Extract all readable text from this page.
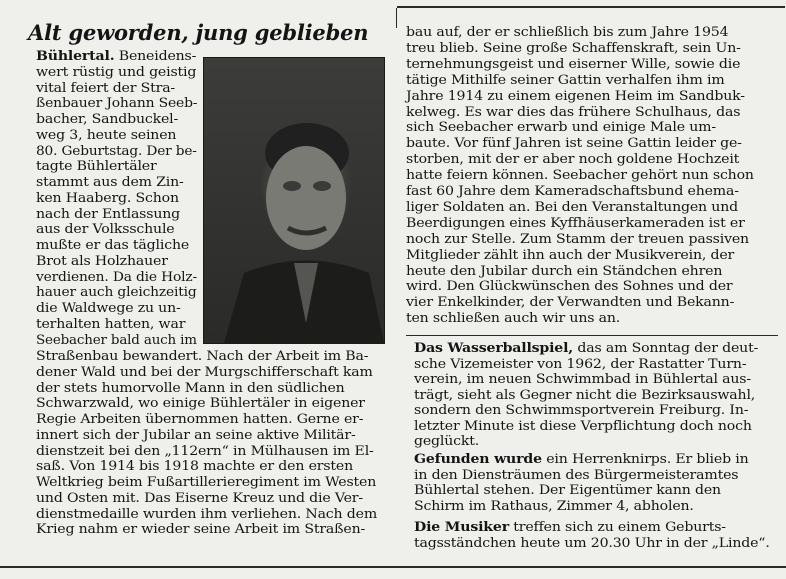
Alt geworden, jung geblieben
Bühlertal. Beneidens-
wert rüstig und geistig
vital feiert der Stra-
ßenbauer Johann Seeb-
bacher, Sandbuckel-
weg 3, heute seinen
80. Geburtstag. Der be-
tagte Bühlertäler
stammt aus dem Zin-
ken Haaberg. Schon
nach der Entlassung
aus der Volksschule
mußte er das tägliche
Brot als Holzhauer
verdienen. Da die Holz-
hauer auch gleichzeitig
die Waldwege zu un-
terhalten hatten, war
Seebacher bald auch im
Straßenbau bewandert. Nach der Arbeit im Ba-
dener Wald und bei der Murgschifferschaft kam
der stets humorvolle Mann in den südlichen
Schwarzwald, wo einige Bühlertäler in eigener
Regie Arbeiten übernommen hatten. Gerne er-
innert sich der Jubilar an seine aktive Militär-
dienstzeit bei den „112ern“ in Mülhausen im El-
saß. Von 1914 bis 1918 machte er den ersten
Weltkrieg beim Fußartillerieregiment im Westen
und Osten mit. Das Eiserne Kreuz und die Ver-
dienstmedaille wurden ihm verliehen. Nach dem
Krieg nahm er wieder seine Arbeit im Straßen-
bau auf, der er schließlich bis zum Jahre 1954
treu blieb. Seine große Schaffenskraft, sein Un-
ternehmungsgeist und eiserner Wille, sowie die
tätige Mithilfe seiner Gattin verhalfen ihm im
Jahre 1914 zu einem eigenen Heim im Sandbuk-
kelweg. Es war dies das frühere Schulhaus, das
sich Seebacher erwarb und einige Male um-
baute. Vor fünf Jahren ist seine Gattin leider ge-
storben, mit der er aber noch goldene Hochzeit
hatte feiern können. Seebacher gehört nun schon
fast 60 Jahre dem Kameradschaftsbund ehema-
liger Soldaten an. Bei den Veranstaltungen und
Beerdigungen eines Kyffhäuserkameraden ist er
noch zur Stelle. Zum Stamm der treuen passiven
Mitglieder zählt ihn auch der Musikverein, der
heute den Jubilar durch ein Ständchen ehren
wird. Den Glückwünschen des Sohnes und der
vier Enkelkinder, der Verwandten und Bekann-
ten schließen auch wir uns an.
Das Wasserballspiel, das am Sonntag der deut-
sche Vizemeister von 1962, der Rastatter Turn-
verein, im neuen Schwimmbad in Bühlertal aus-
trägt, sieht als Gegner nicht die Bezirksauswahl,
sondern den Schwimmsportverein Freiburg. In-
letzter Minute ist diese Verpflichtung doch noch
geglückt.
Gefunden wurde ein Herrenknirps. Er blieb in
in den Diensträumen des Bürgermeisteramtes
Bühlertal stehen. Der Eigentümer kann den
Schirm im Rathaus, Zimmer 4, abholen.
Die Musiker treffen sich zu einem Geburts-
tagsständchen heute um 20.30 Uhr in der „Linde“.
